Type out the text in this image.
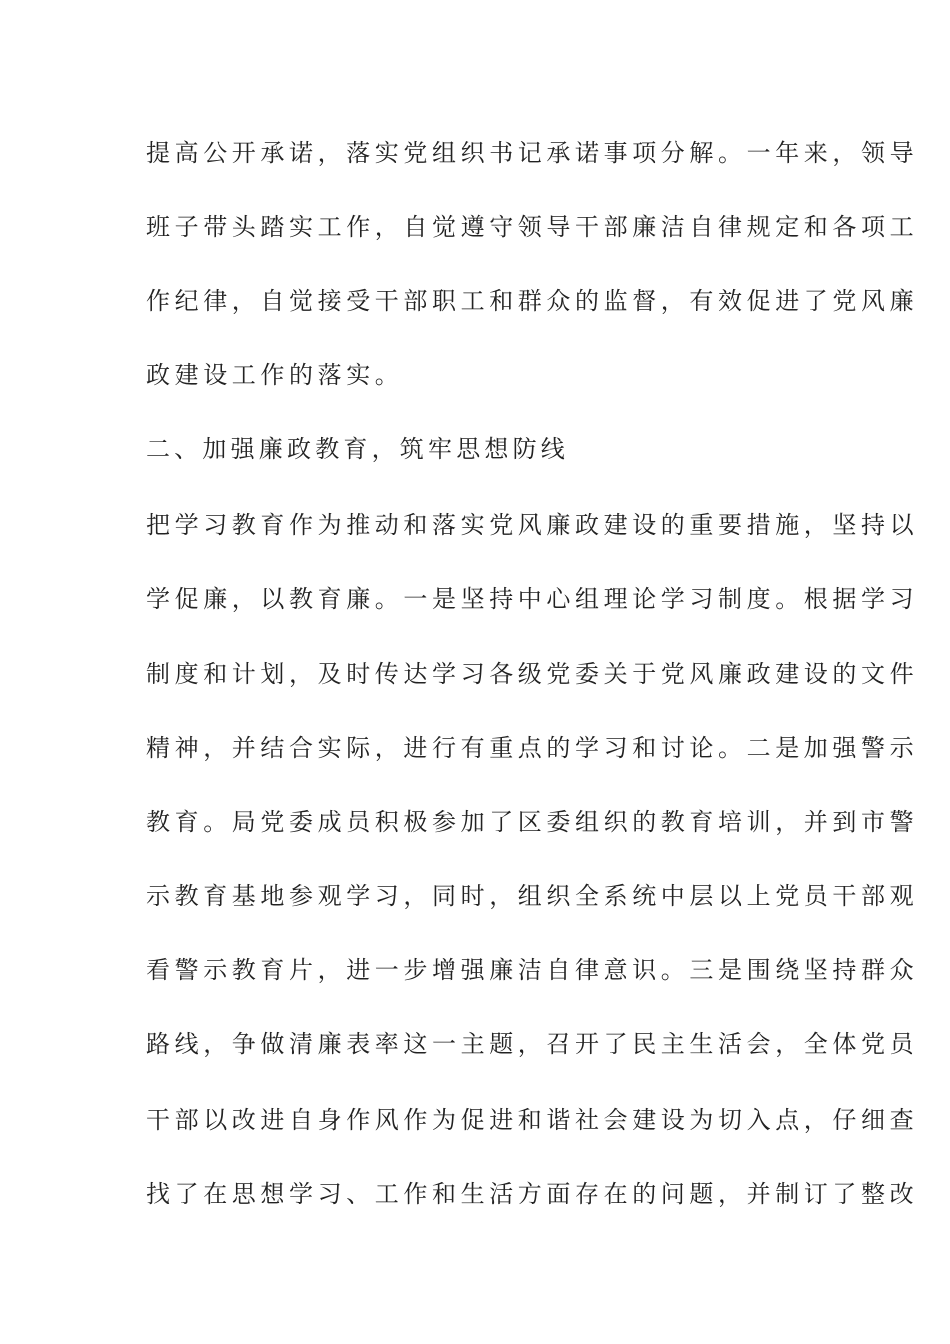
提高公开承诺，落实党组织书记承诺事项分解。一年来，领导

班子带头踏实工作，自觉遵守领导干部廉洁自律规定和各项工

作纪律，自觉接受干部职工和群众的监督，有效促进了党风廉

政建设工作的落实。

二、加强廉政教育，筑牢思想防线

把学习教育作为推动和落实党风廉政建设的重要措施，坚持以

学促廉，以教育廉。一是坚持中心组理论学习制度。根据学习

制度和计划，及时传达学习各级党委关于党风廉政建设的文件

精神，并结合实际，进行有重点的学习和讨论。二是加强警示

教育。局党委成员积极参加了区委组织的教育培训，并到市警

示教育基地参观学习，同时，组织全系统中层以上党员干部观

看警示教育片，进一步增强廉洁自律意识。三是围绕坚持群众

路线，争做清廉表率这一主题，召开了民主生活会，全体党员

干部以改进自身作风作为促进和谐社会建设为切入点，仔细查

找了在思想学习、工作和生活方面存在的问题，并制订了整改
